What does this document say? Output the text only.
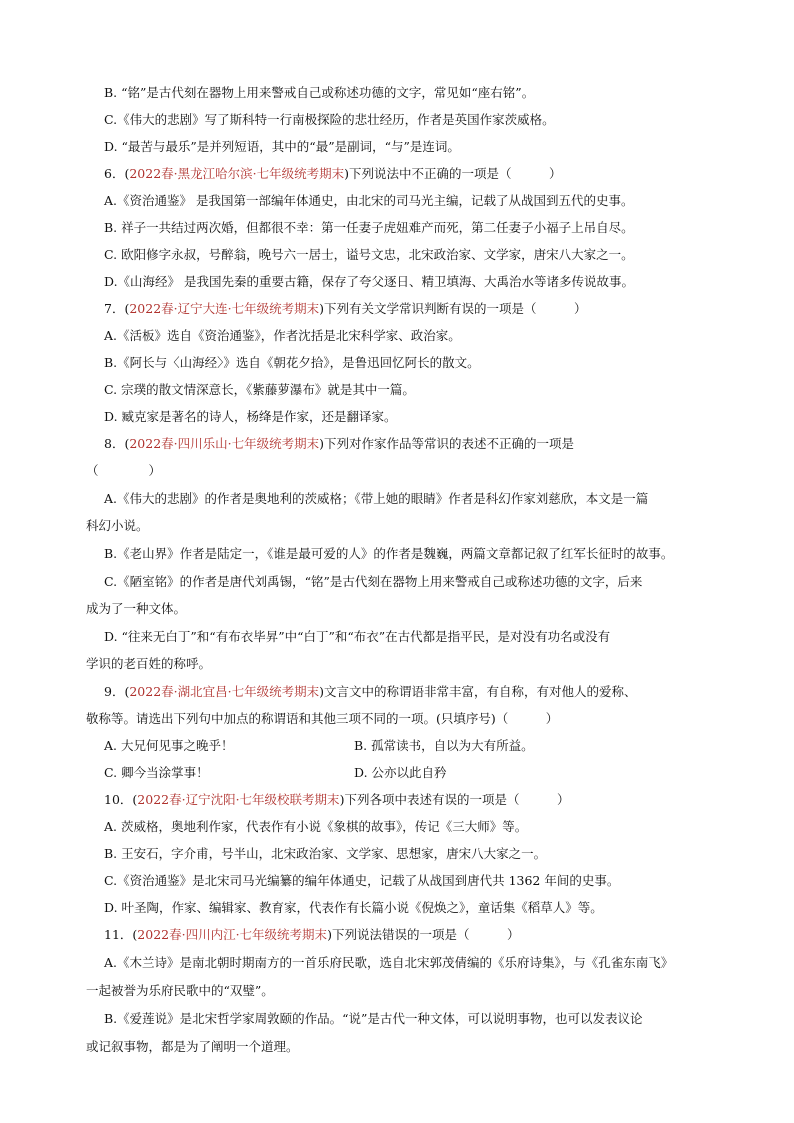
B. “铭”是古代刻在器物上用来警戒自己或称述功德的文字，常见如“座右铭”。
C.《伟大的悲剧》写了斯科特一行南极探险的悲壮经历，作者是英国作家茨威格。
D. “最苦与最乐”是并列短语，其中的“最”是副词，“与”是连词。
6．(2022春·黑龙江哈尔滨·七年级统考期末)下列说法中不正确的一项是（　　　）
A.《资治通鉴》 是我国第一部编年体通史，由北宋的司马光主编，记载了从战国到五代的史事。
B. 祥子一共结过两次婚，但都很不幸：第一任妻子虎妞难产而死，第二任妻子小福子上吊自尽。
C. 欧阳修字永叔，号醉翁，晚号六一居士，谥号文忠，北宋政治家、文学家，唐宋八大家之一。
D.《山海经》 是我国先秦的重要古籍，保存了夸父逐日、精卫填海、大禹治水等诸多传说故事。
7．(2022春·辽宁大连·七年级统考期末)下列有关文学常识判断有误的一项是（　　　）
A.《活板》选自《资治通鉴》，作者沈括是北宋科学家、政治家。
B.《阿长与〈山海经〉》选自《朝花夕拾》，是鲁迅回忆阿长的散文。
C. 宗璞的散文情深意长，《紫藤萝瀑布》就是其中一篇。
D. 臧克家是著名的诗人，杨绛是作家，还是翻译家。
8．(2022春·四川乐山·七年级统考期末)下列对作家作品等常识的表述不正确的一项是
（　　　　）
A.《伟大的悲剧》的作者是奥地利的茨威格；《带上她的眼睛》作者是科幻作家刘慈欣，本文是一篇
科幻小说。
B.《老山界》作者是陆定一，《谁是最可爱的人》的作者是魏巍，两篇文章都记叙了红军长征时的故事。
C.《陋室铭》的作者是唐代刘禹锡，“铭”是古代刻在器物上用来警戒自己或称述功德的文字，后来
成为了一种文体。
D. “往来无白丁”和“有布衣毕昇”中“白丁”和“布衣”在古代都是指平民，是对没有功名或没有
学识的老百姓的称呼。
9．(2022春·湖北宜昌·七年级统考期末)文言文中的称谓语非常丰富，有自称，有对他人的爱称、
敬称等。请选出下列句中加点的称谓语和其他三项不同的一项。(只填序号)（　　　）
A. 大兄何见事之晚乎！	B. 孤常读书，自以为大有所益。
C. 卿今当涂掌事！	D. 公亦以此自矜
10．(2022春·辽宁沈阳·七年级校联考期末)下列各项中表述有误的一项是（　　　）
A. 茨威格，奥地利作家，代表作有小说《象棋的故事》，传记《三大师》等。
B. 王安石，字介甫，号半山，北宋政治家、文学家、思想家，唐宋八大家之一。
C.《资治通鉴》是北宋司马光编纂的编年体通史，记载了从战国到唐代共 1362 年间的史事。
D. 叶圣陶，作家、编辑家、教育家，代表作有长篇小说《倪焕之》，童话集《稻草人》等。
11．(2022春·四川内江·七年级统考期末)下列说法错误的一项是（　　　）
A.《木兰诗》是南北朝时期南方的一首乐府民歌，选自北宋郭茂倩编的《乐府诗集》，与《孔雀东南飞》
一起被誉为乐府民歌中的“双璧”。
B.《爱莲说》是北宋哲学家周敦颐的作品。“说”是古代一种文体，可以说明事物，也可以发表议论
或记叙事物，都是为了阐明一个道理。
